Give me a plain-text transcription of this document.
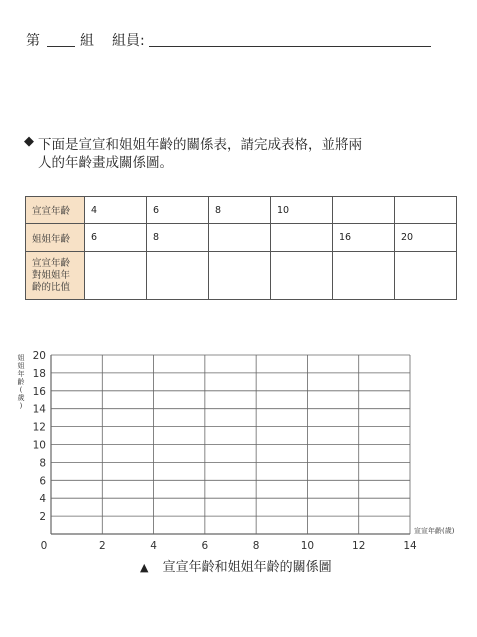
第	組 組員:
◆ 下面是宣宣和姐姐年齡的關係表，請完成表格，並將兩
人的年齡畫成關係圖。
宣宣年齡	4	6	8	10		
姐姐年齡	6	8			16	20

宣宣年齡
對姐姐年
齡的比值						

0	2	4	6	8	10	12	14
2
4
6
8
10
12
14
16
18
20
姐
姐
年
齡
(
歲
)
宣宣年齡(歲)
▲ 宣宣年齡和姐姐年齡的關係圖
